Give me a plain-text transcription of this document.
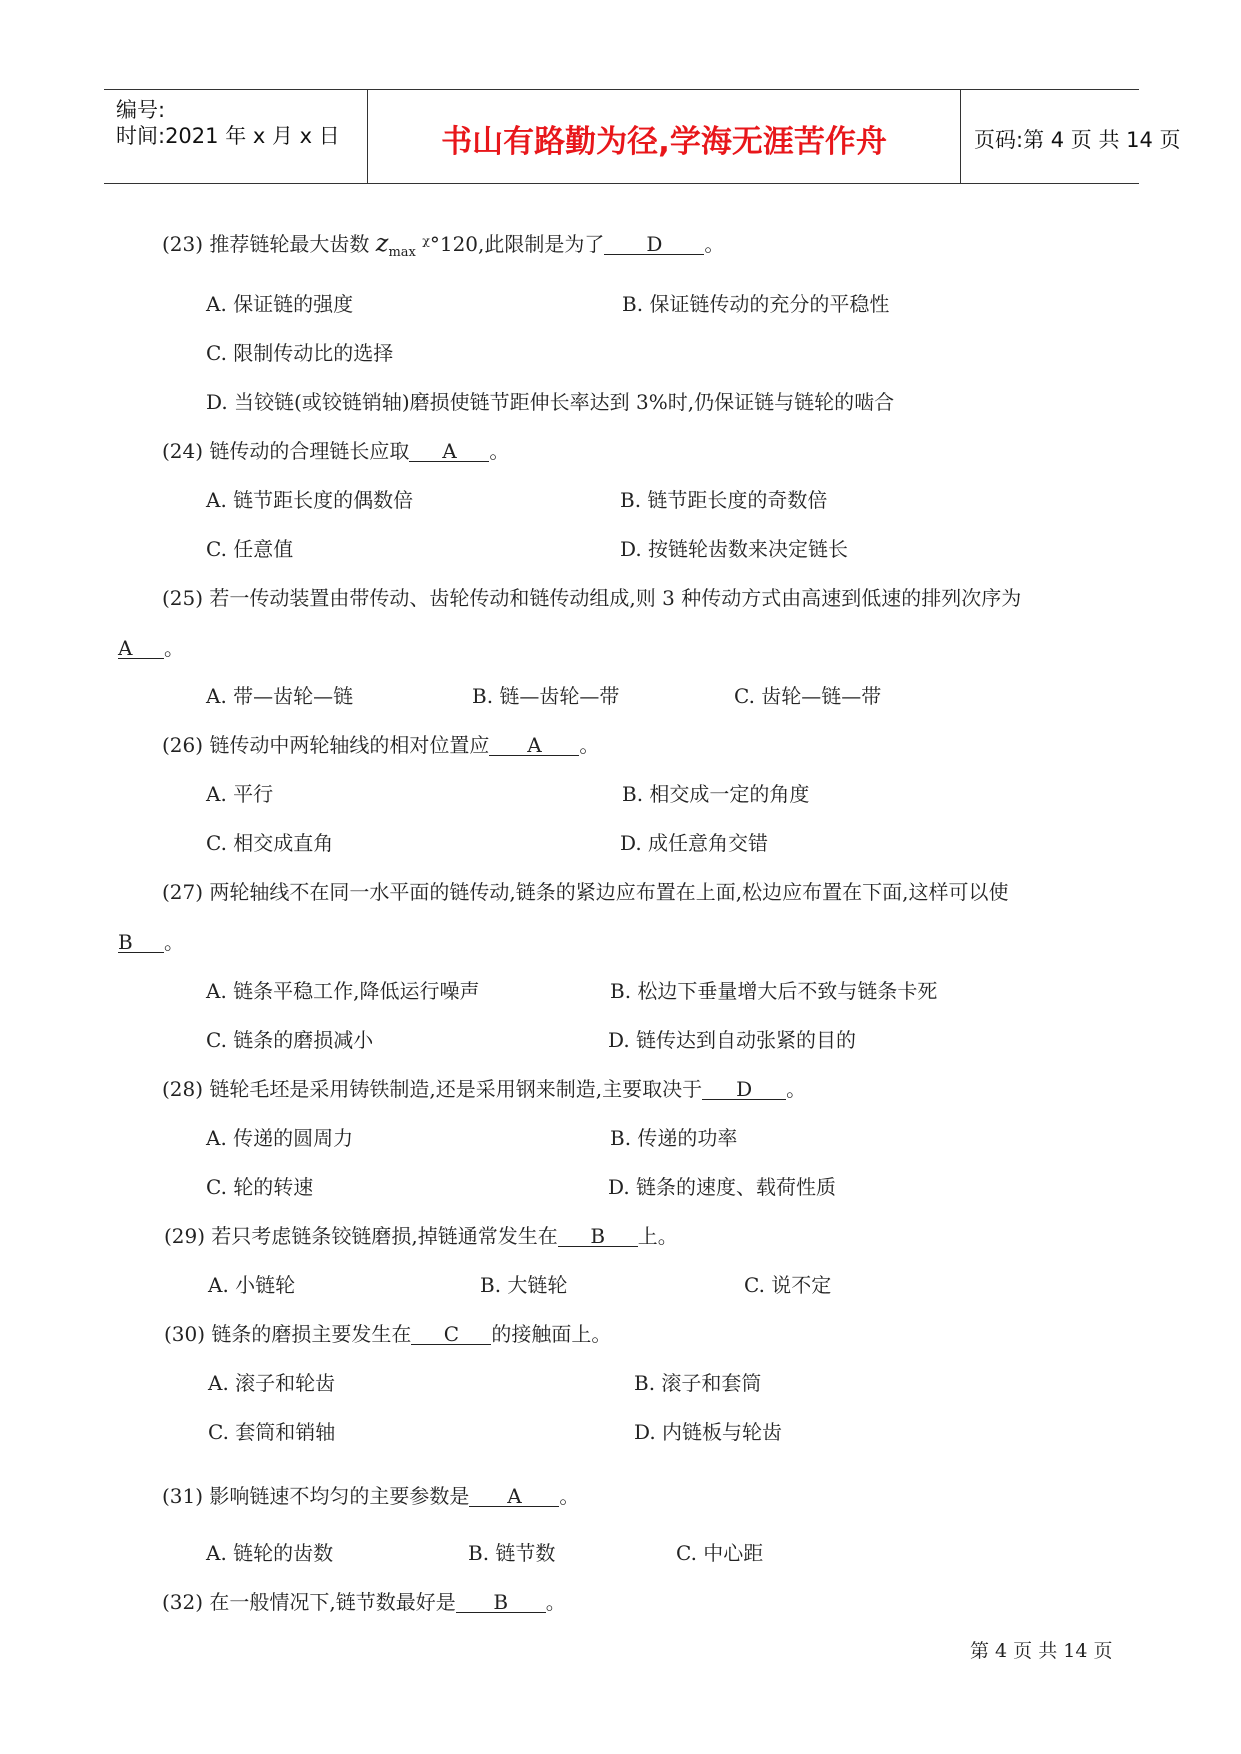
编号:
时间:2021 年 x 月 x 日	书山有路勤为径,学海无涯苦作舟	页码:第 4 页 共 14 页
(23) 推荐链轮最大齿数 $z_{max}$ ᵡ°120,此限制是为了 D 。
A. 保证链的强度	B. 保证链传动的充分的平稳性
C. 限制传动比的选择
D. 当铰链(或铰链销轴)磨损使链节距伸长率达到 3%时,仍保证链与链轮的啮合
(24) 链传动的合理链长应取 A 。
A. 链节距长度的偶数倍	B. 链节距长度的奇数倍
C. 任意值	D. 按链轮齿数来决定链长
(25) 若一传动装置由带传动、齿轮传动和链传动组成,则 3 种传动方式由高速到低速的排列次序为
A 。
A. 带—齿轮—链	B. 链—齿轮—带	C. 齿轮—链—带
(26) 链传动中两轮轴线的相对位置应 A 。
A. 平行	B. 相交成一定的角度
C. 相交成直角	D. 成任意角交错
(27) 两轮轴线不在同一水平面的链传动,链条的紧边应布置在上面,松边应布置在下面,这样可以使
B 。
A. 链条平稳工作,降低运行噪声	B. 松边下垂量增大后不致与链条卡死
C. 链条的磨损减小	D. 链传达到自动张紧的目的
(28) 链轮毛坯是采用铸铁制造,还是采用钢来制造,主要取决于 D 。
A. 传递的圆周力	B. 传递的功率
C. 轮的转速	D. 链条的速度、载荷性质
(29) 若只考虑链条铰链磨损,掉链通常发生在 B 上。
A. 小链轮	B. 大链轮	C. 说不定
(30) 链条的磨损主要发生在 C 的接触面上。
A. 滚子和轮齿	B. 滚子和套筒
C. 套筒和销轴	D. 内链板与轮齿
(31) 影响链速不均匀的主要参数是 A 。
A. 链轮的齿数	B. 链节数	C. 中心距
(32) 在一般情况下,链节数最好是 B 。
第 4 页 共 14 页
